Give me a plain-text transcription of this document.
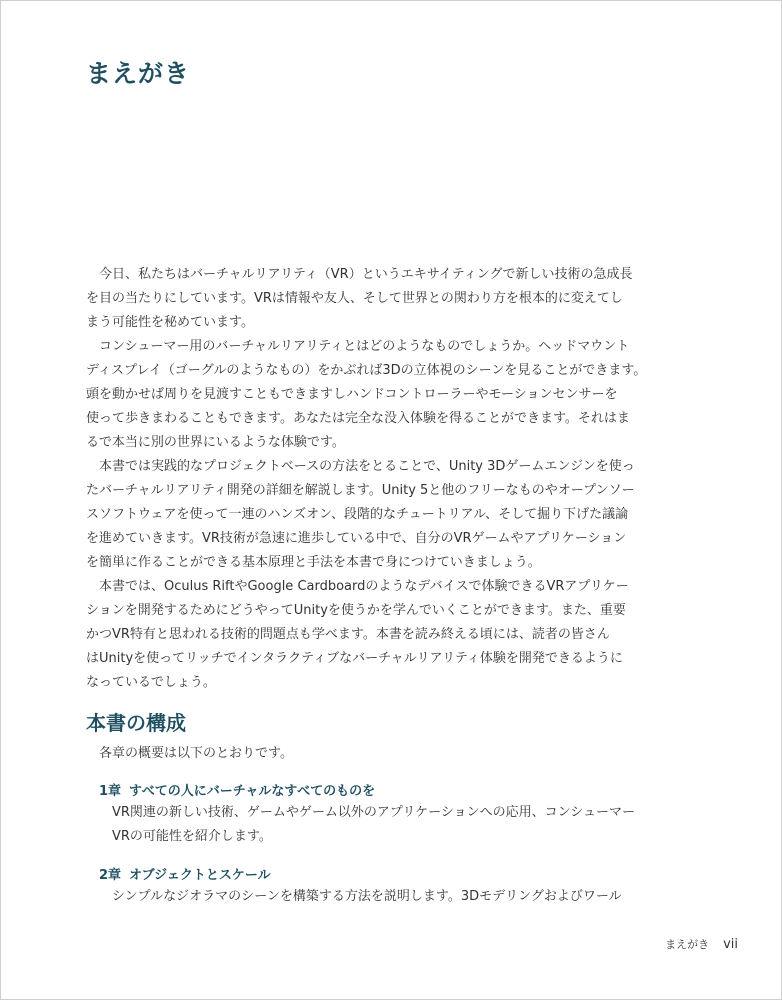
まえがき
今日、私たちはバーチャルリアリティ（VR）というエキサイティングで新しい技術の急成長
を目の当たりにしています。VRは情報や友人、そして世界との関わり方を根本的に変えてし
まう可能性を秘めています。
コンシューマー用のバーチャルリアリティとはどのようなものでしょうか。ヘッドマウント
ディスプレイ（ゴーグルのようなもの）をかぶれば3Dの立体視のシーンを見ることができます。
頭を動かせば周りを見渡すこともできますしハンドコントローラーやモーションセンサーを
使って歩きまわることもできます。あなたは完全な没入体験を得ることができます。それはま
るで本当に別の世界にいるような体験です。
本書では実践的なプロジェクトベースの方法をとることで、Unity 3Dゲームエンジンを使っ
たバーチャルリアリティ開発の詳細を解説します。Unity 5と他のフリーなものやオープンソー
スソフトウェアを使って一連のハンズオン、段階的なチュートリアル、そして掘り下げた議論
を進めていきます。VR技術が急速に進歩している中で、自分のVRゲームやアプリケーション
を簡単に作ることができる基本原理と手法を本書で身につけていきましょう。
本書では、Oculus RiftやGoogle Cardboardのようなデバイスで体験できるVRアプリケー
ションを開発するためにどうやってUnityを使うかを学んでいくことができます。また、重要
かつVR特有と思われる技術的問題点も学べます。本書を読み終える頃には、読者の皆さん
はUnityを使ってリッチでインタラクティブなバーチャルリアリティ体験を開発できるように
なっているでしょう。
本書の構成
各章の概要は以下のとおりです。
1章 すべての人にバーチャルなすべてのものを
VR関連の新しい技術、ゲームやゲーム以外のアプリケーションへの応用、コンシューマー
VRの可能性を紹介します。
2章 オブジェクトとスケール
シンプルなジオラマのシーンを構築する方法を説明します。3Dモデリングおよびワール
まえがき vii
